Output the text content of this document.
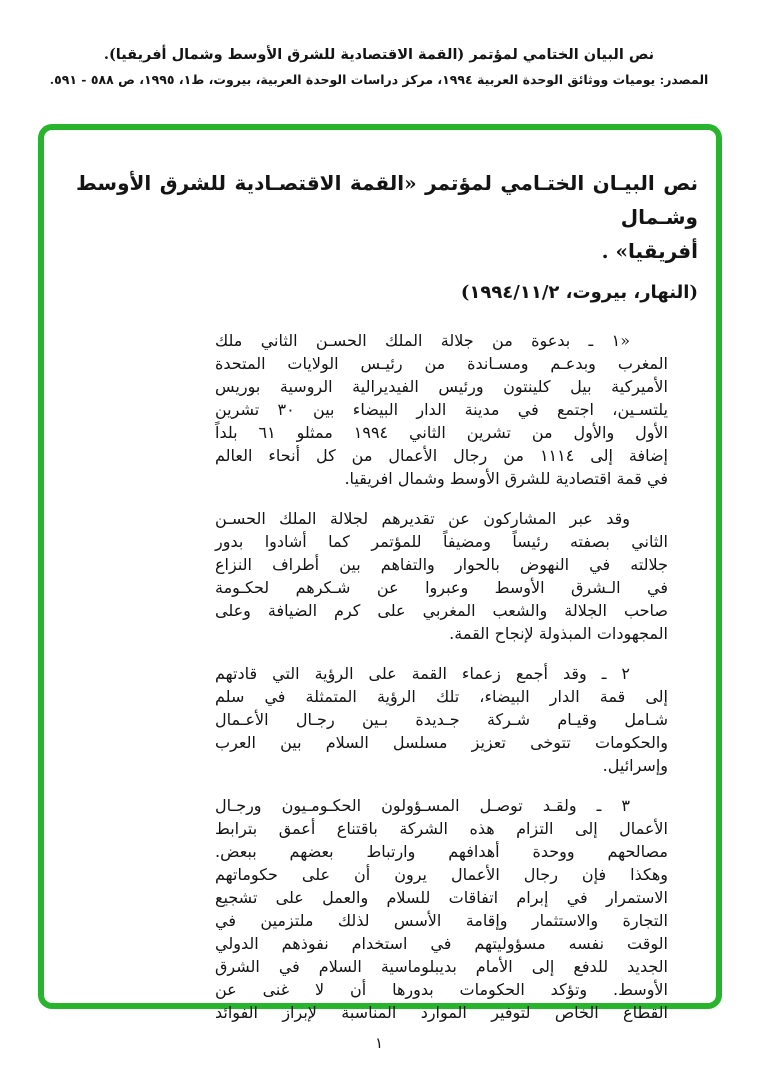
نص البيان الختامي لمؤتمر (القمة الاقتصادية للشرق الأوسط وشمال أفريقيا).
المصدر: يوميات ووثائق الوحدة العربية ١٩٩٤، مركز دراسات الوحدة العربية، بيروت، ط١، ١٩٩٥، ص ٥٨٨ - ٥٩١.
نص البيـان الختـامي لمؤتمر «القمة الاقتصـادية للشرق الأوسط وشـمال
أفريقيا» .
(النهار، بيروت، ١٩٩٤/١١/٢)
«١ ـ بدعوة من جلالة الملك الحسـن الثاني ملك
المغرب وبدعـم ومسـاندة من رئيـس الولايات المتحدة
الأميركية بيل كلينتون ورئيس الفيديرالية الروسية بوريس
يلتسـين، اجتمع في مدينة الدار البيضاء بين ٣٠ تشرين
الأول والأول من تشرين الثاني ١٩٩٤ ممثلو ٦١ بلداً
إضافة إلى ١١١٤ من رجال الأعمال من كل أنحاء العالم
في قمة اقتصادية للشرق الأوسط وشمال افريقيا.
وقد عبر المشاركون عن تقديرهم لجلالة الملك الحسـن
الثاني بصفته رئيساً ومضيفاً للمؤتمر كما أشادوا بدور
جلالته في النهوض بالحوار والتفاهم بين أطراف النزاع
في الـشرق الأوسط وعبروا عن شـكرهم لحكـومة
صاحب الجلالة والشعب المغربي على كرم الضيافة وعلى
المجهودات المبذولة لإنجاح القمة.
٢ ـ وقد أجمع زعماء القمة على الرؤية التي قادتهم
إلى قمة الدار البيضاء، تلك الرؤية المتمثلة في سلم
شـامل وقيـام شـركة جـديدة بـين رجـال الأعـمال
والحكومات تتوخى تعزيز مسلسل السلام بين العرب
وإسرائيل.
٣ ـ ولقـد توصـل المسـؤولون الحكـومـيون ورجـال
الأعمال إلى التزام هذه الشركة باقتناع أعمق بترابط
مصالحهم ووحدة أهدافهم وارتباط بعضهم ببعض.
وهكذا فإن رجال الأعمال يرون أن على حكوماتهم
الاستمرار في إبرام اتفاقات للسلام والعمل على تشجيع
التجارة والاستثمار وإقامة الأسس لذلك ملتزمين في
الوقت نفسه مسؤوليتهم في استخدام نفوذهم الدولي
الجديد للدفع إلى الأمام بديبلوماسية السلام في الشرق
الأوسط. وتؤكد الحكومات بدورها أن لا غنى عن
القطاع الخاص لتوفير الموارد المناسبة لإبراز الفوائد
١
